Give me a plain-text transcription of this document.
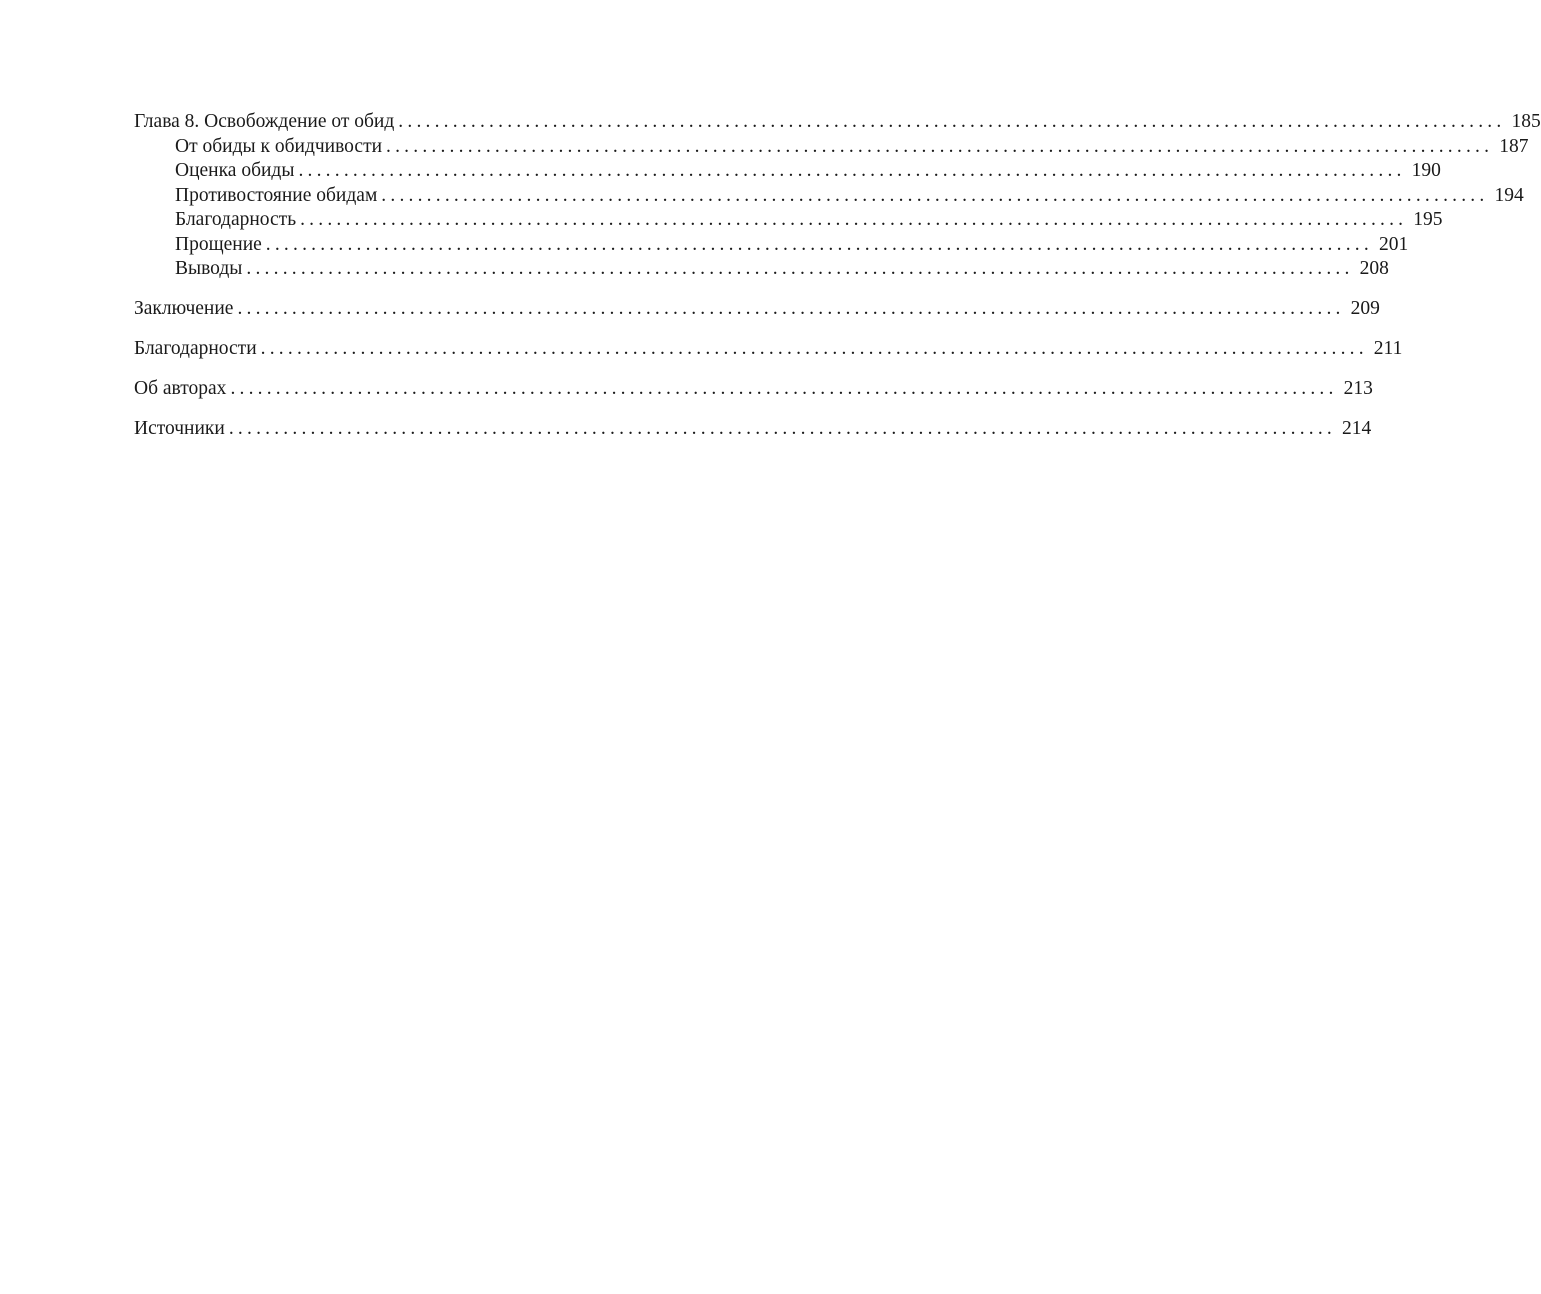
Глава 8. Освобождение от обид .......................................................................................................................... 185
От обиды к обидчивости .......................................................................................................................... 187
Оценка обиды .......................................................................................................................... 190
Противостояние обидам .......................................................................................................................... 194
Благодарность .......................................................................................................................... 195
Прощение .......................................................................................................................... 201
Выводы .......................................................................................................................... 208
Заключение .......................................................................................................................... 209
Благодарности .......................................................................................................................... 211
Об авторах .......................................................................................................................... 213
Источники .......................................................................................................................... 214
